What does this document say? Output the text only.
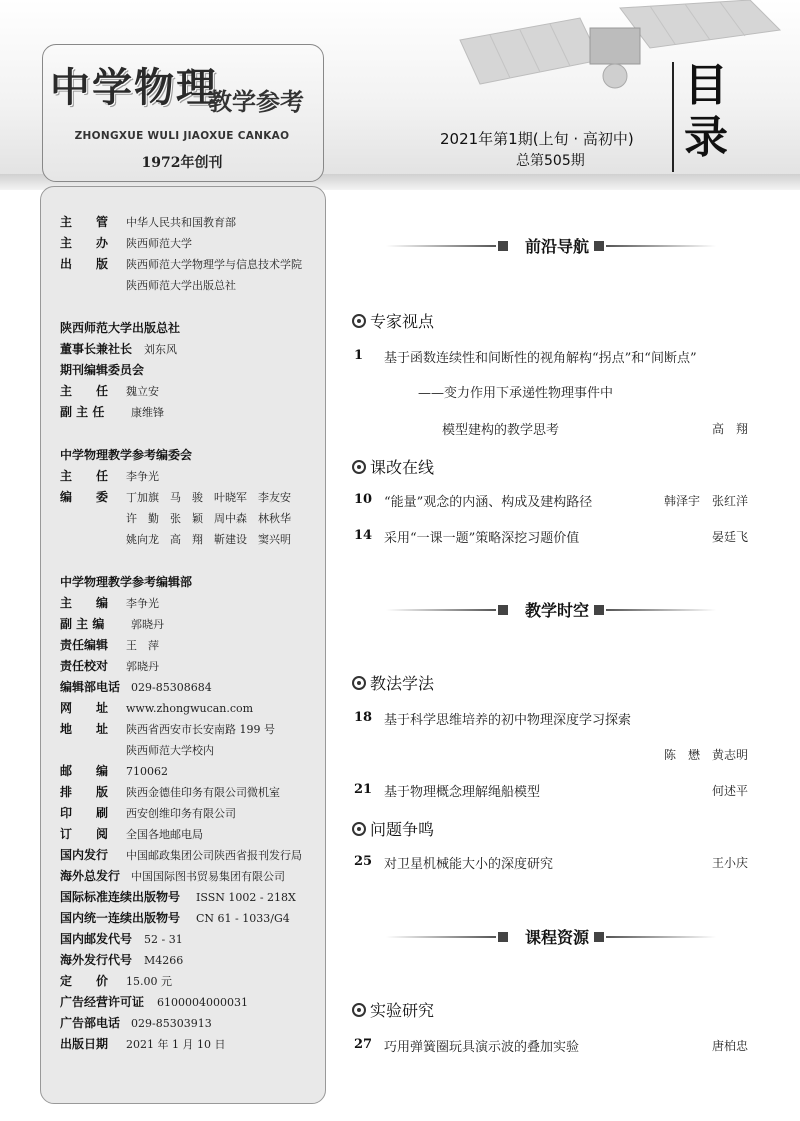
中学物理
教学参考
ZHONGXUE WULI JIAOXUE CANKAO
1972年创刊
2021年第1期(上旬 · 高初中)
总第505期
目录
主　　管 中华人民共和国教育部
主　　办 陕西师范大学
出　　版 陕西师范大学物理学与信息技术学院
陕西师范大学出版总社
陕西师范大学出版总社
董事长兼社长 刘东风
期刊编辑委员会
主　　任 魏立安
副 主 任 康维锋
中学物理教学参考编委会
主　　任 李争光
编　　委 丁加旗　马　骏　叶晓军　李友安
许　勤　张　颖　周中森　林秋华
姚向龙　高　翔　靳建设　窦兴明
中学物理教学参考编辑部
主　　编 李争光
副 主 编 郭晓丹
责任编辑 王　萍
责任校对 郭晓丹
编辑部电话 029-85308684
网　　址 www.zhongwucan.com
地　　址 陕西省西安市长安南路 199 号
陕西师范大学校内
邮　　编 710062
排　　版 陕西金德佳印务有限公司微机室
印　　刷 西安创维印务有限公司
订　　阅 全国各地邮电局
国内发行 中国邮政集团公司陕西省报刊发行局
海外总发行 中国国际图书贸易集团有限公司
国际标准连续出版物号 ISSN 1002 - 218X
国内统一连续出版物号 CN 61 - 1033/G4
国内邮发代号 52 - 31
海外发行代号 M4266
定　　价 15.00 元
广告经营许可证 6100004000031
广告部电话 029-85303913
出版日期 2021 年 1 月 10 日
前沿导航
专家视点
1 基于函数连续性和间断性的视角解构“拐点”和“间断点”
——变力作用下承递性物理事件中
模型建构的教学思考	高　翔
课改在线
10 “能量”观念的内涵、构成及建构路径	韩泽宇　张红洋
14 采用“一课一题”策略深挖习题价值	晏廷飞
教学时空
教法学法
18 基于科学思维培养的初中物理深度学习探索
陈　懋　黄志明
21 基于物理概念理解绳船模型	何述平
问题争鸣
25 对卫星机械能大小的深度研究	王小庆
课程资源
实验研究
27 巧用弹簧圈玩具演示波的叠加实验	唐柏忠
